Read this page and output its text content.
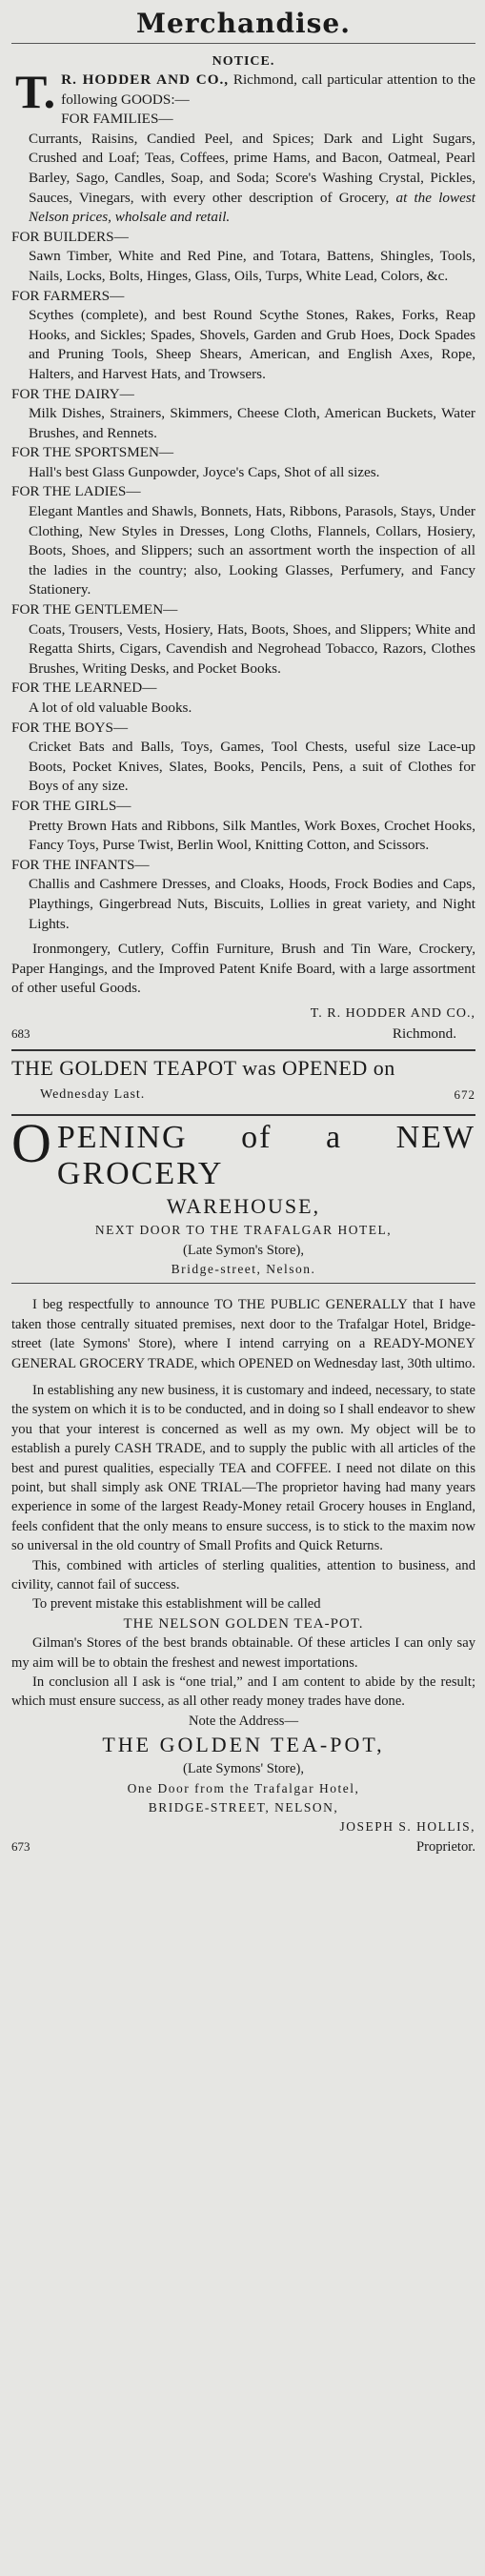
Merchandise.
NOTICE.

T. R. HODDER AND CO., Richmond, call particular attention to the following GOODS:—

FOR FAMILIES—
Currants, Raisins, Candied Peel, and Spices; Dark and Light Sugars, Crushed and Loaf; Teas, Coffees, prime Hams, and Bacon, Oatmeal, Pearl Barley, Sago, Candles, Soap, and Soda; Score's Washing Crystal, Pickles, Sauces, Vinegars, with every other description of Grocery, at the lowest Nelson prices, wholsale and retail.
FOR BUILDERS—
Sawn Timber, White and Red Pine, and Totara, Battens, Shingles, Tools, Nails, Locks, Bolts, Hinges, Glass, Oils, Turps, White Lead, Colors, &c.
FOR FARMERS—
Scythes (complete), and best Round Scythe Stones, Rakes, Forks, Reap Hooks, and Sickles; Spades, Shovels, Garden and Grub Hoes, Dock Spades and Pruning Tools, Sheep Shears, American, and English Axes, Rope, Halters, and Harvest Hats, and Trowsers.
FOR THE DAIRY—
Milk Dishes, Strainers, Skimmers, Cheese Cloth, American Buckets, Water Brushes, and Rennets.
FOR THE SPORTSMEN—
Hall's best Glass Gunpowder, Joyce's Caps, Shot of all sizes.
FOR THE LADIES—
Elegant Mantles and Shawls, Bonnets, Hats, Ribbons, Parasols, Stays, Under Clothing, New Styles in Dresses, Long Cloths, Flannels, Collars, Hosiery, Boots, Shoes, and Slippers; such an assortment worth the inspection of all the ladies in the country; also, Looking Glasses, Perfumery, and Fancy Stationery.
FOR THE GENTLEMEN—
Coats, Trousers, Vests, Hosiery, Hats, Boots, Shoes, and Slippers; White and Regatta Shirts, Cigars, Cavendish and Negrohead Tobacco, Razors, Clothes Brushes, Writing Desks, and Pocket Books.
FOR THE LEARNED—
A lot of old valuable Books.
FOR THE BOYS—
Cricket Bats and Balls, Toys, Games, Tool Chests, useful size Lace-up Boots, Pocket Knives, Slates, Books, Pencils, Pens, a suit of Clothes for Boys of any size.
FOR THE GIRLS—
Pretty Brown Hats and Ribbons, Silk Mantles, Work Boxes, Crochet Hooks, Fancy Toys, Purse Twist, Berlin Wool, Knitting Cotton, and Scissors.
FOR THE INFANTS—
Challis and Cashmere Dresses, and Cloaks, Hoods, Frock Bodies and Caps, Playthings, Gingerbread Nuts, Biscuits, Lollies in great variety, and Night Lights.

Ironmongery, Cutlery, Coffin Furniture, Brush and Tin Ware, Crockery, Paper Hangings, and the Improved Patent Knife Board, with a large assortment of other useful Goods.

T. R. HODDER AND CO.,
683	Richmond.
THE GOLDEN TEAPOT was OPENED on
Wednesday Last.	672
OPENING of a NEW GROCERY
WAREHOUSE,
NEXT DOOR TO THE TRAFALGAR HOTEL,
(Late Symon's Store),
Bridge-street, Nelson.

I beg respectfully to announce TO THE PUBLIC GENERALLY that I have taken those centrally situated premises, next door to the Trafalgar Hotel, Bridge-street (late Symons' Store), where I intend carrying on a READY-MONEY GENERAL GROCERY TRADE, which OPENED on Wednesday last, 30th ultimo.

In establishing any new business, it is customary and indeed, necessary, to state the system on which it is to be conducted, and in doing so I shall endeavor to shew you that your interest is concerned as well as my own. My object will be to establish a purely CASH TRADE, and to supply the public with all articles of the best and purest qualities, especially TEA and COFFEE. I need not dilate on this point, but shall simply ask ONE TRIAL—The proprietor having had many years experience in some of the largest Ready-Money retail Grocery houses in England, feels confident that the only means to ensure success, is to stick to the maxim now so universal in the old country of Small Profits and Quick Returns.

This, combined with articles of sterling qualities, attention to business, and civility, cannot fail of success.

To prevent mistake this establishment will be called

THE NELSON GOLDEN TEA-POT.

Gilman's Stores of the best brands obtainable. Of these articles I can only say my aim will be to obtain the freshest and newest importations.

In conclusion all I ask is “one trial,” and I am content to abide by the result; which must ensure success, as all other ready money trades have done.

Note the Address—
THE GOLDEN TEA-POT,
(Late Symons' Store),
One Door from the Trafalgar Hotel,
BRIDGE-STREET, NELSON,
JOSEPH S. HOLLIS,
673	Proprietor.
